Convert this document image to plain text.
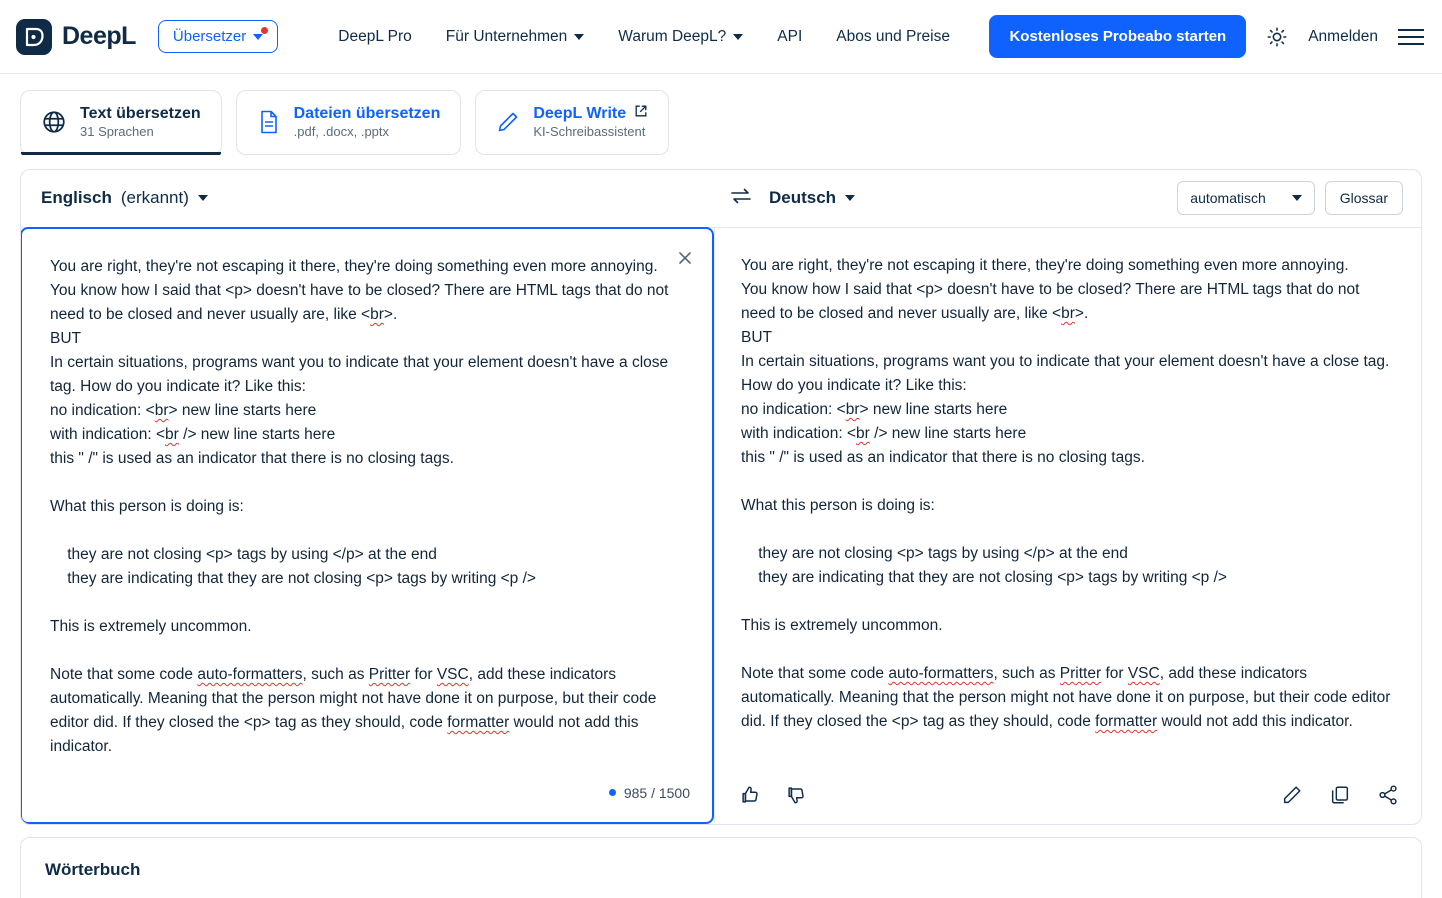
DeepL Übersetzer	DeepL Pro Für Unternehmen	Warum DeepL?	API Abos und Preise	Kostenloses Probeabo starten	Anmelden
Text übersetzen
31 Sprachen
Dateien übersetzen
.pdf, .docx, .pptx
DeepL Write
KI-Schreibassistent
Englisch (erkannt)	Deutsch	automatisch	Glossar
You are right, they're not escaping it there, they're doing something even more annoying.
You know how I said that <p> doesn't have to be closed? There are HTML tags that do not need to be closed and never usually are, like <br>.
BUT
In certain situations, programs want you to indicate that your element doesn't have a close tag. How do you indicate it? Like this:
no indication: <br> new line starts here
with indication: <br /> new line starts here
this " /" is used as an indicator that there is no closing tags.

What this person is doing is:

they are not closing <p> tags by using </p> at the end
they are indicating that they are not closing <p> tags by writing <p />

This is extremely uncommon.

Note that some code auto-formatters, such as Pritter for VSC, add these indicators automatically. Meaning that the person might not have done it on purpose, but their code editor did. If they closed the <p> tag as they should, code formatter would not add this indicator.
985 / 1500
You are right, they're not escaping it there, they're doing something even more annoying.
You know how I said that <p> doesn't have to be closed? There are HTML tags that do not need to be closed and never usually are, like <br>.
BUT
In certain situations, programs want you to indicate that your element doesn't have a close tag. How do you indicate it? Like this:
no indication: <br> new line starts here
with indication: <br /> new line starts here
this " /" is used as an indicator that there is no closing tags.

What this person is doing is:

they are not closing <p> tags by using </p> at the end
they are indicating that they are not closing <p> tags by writing <p />

This is extremely uncommon.

Note that some code auto-formatters, such as Pritter for VSC, add these indicators automatically. Meaning that the person might not have done it on purpose, but their code editor did. If they closed the <p> tag as they should, code formatter would not add this indicator.
Wörterbuch
